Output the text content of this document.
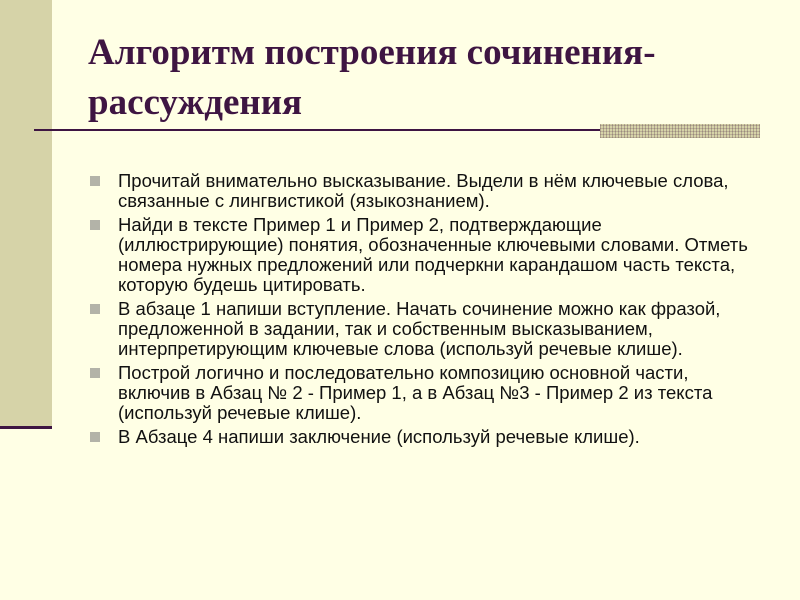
Алгоритм построения сочинения-рассуждения
Прочитай внимательно высказывание. Выдели в нём ключевые слова, связанные с лингвистикой (языкознанием).
Найди в тексте Пример 1 и Пример 2, подтверждающие (иллюстрирующие) понятия, обозначенные ключевыми словами. Отметь номера нужных предложений или подчеркни карандашом часть текста, которую будешь цитировать.
В абзаце 1 напиши вступление. Начать сочинение можно как фразой, предложенной в задании, так и собственным высказыванием, интерпретирующим ключевые слова (используй речевые клише).
Построй логично и последовательно композицию основной части, включив в Абзац № 2 - Пример 1, а в Абзац №3 - Пример 2 из текста (используй речевые клише).
В Абзаце 4 напиши заключение (используй речевые клише).
